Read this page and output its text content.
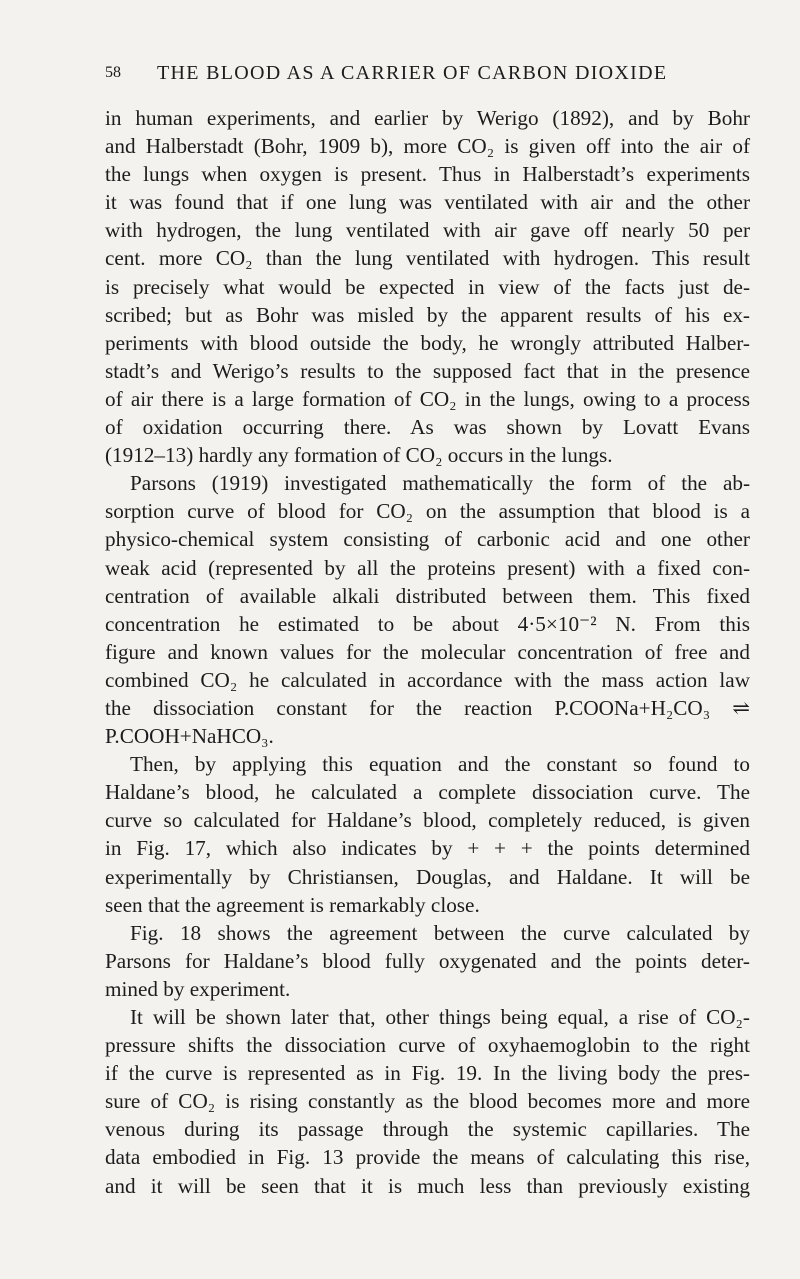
58 THE BLOOD AS A CARRIER OF CARBON DIOXIDE
in human experiments, and earlier by Werigo (1892), and by Bohr
and Halberstadt (Bohr, 1909 b), more CO₂ is given off into the air of
the lungs when oxygen is present. Thus in Halberstadt’s experiments
it was found that if one lung was ventilated with air and the other
with hydrogen, the lung ventilated with air gave off nearly 50 per
cent. more CO₂ than the lung ventilated with hydrogen. This result
is precisely what would be expected in view of the facts just de-
scribed; but as Bohr was misled by the apparent results of his ex-
periments with blood outside the body, he wrongly attributed Halber-
stadt’s and Werigo’s results to the supposed fact that in the presence
of air there is a large formation of CO₂ in the lungs, owing to a process
of oxidation occurring there. As was shown by Lovatt Evans
(1912–13) hardly any formation of CO₂ occurs in the lungs.
Parsons (1919) investigated mathematically the form of the ab-
sorption curve of blood for CO₂ on the assumption that blood is a
physico-chemical system consisting of carbonic acid and one other
weak acid (represented by all the proteins present) with a fixed con-
centration of available alkali distributed between them. This fixed
concentration he estimated to be about 4·5×10⁻² N. From this
figure and known values for the molecular concentration of free and
combined CO₂ he calculated in accordance with the mass action law
the dissociation constant for the reaction P.COONa+H₂CO₃ ⇌
P.COOH+NaHCO₃.
Then, by applying this equation and the constant so found to
Haldane’s blood, he calculated a complete dissociation curve. The
curve so calculated for Haldane’s blood, completely reduced, is given
in Fig. 17, which also indicates by + + + the points determined
experimentally by Christiansen, Douglas, and Haldane. It will be
seen that the agreement is remarkably close.
Fig. 18 shows the agreement between the curve calculated by
Parsons for Haldane’s blood fully oxygenated and the points deter-
mined by experiment.
It will be shown later that, other things being equal, a rise of CO₂-
pressure shifts the dissociation curve of oxyhaemoglobin to the right
if the curve is represented as in Fig. 19. In the living body the pres-
sure of CO₂ is rising constantly as the blood becomes more and more
venous during its passage through the systemic capillaries. The
data embodied in Fig. 13 provide the means of calculating this rise,
and it will be seen that it is much less than previously existing
